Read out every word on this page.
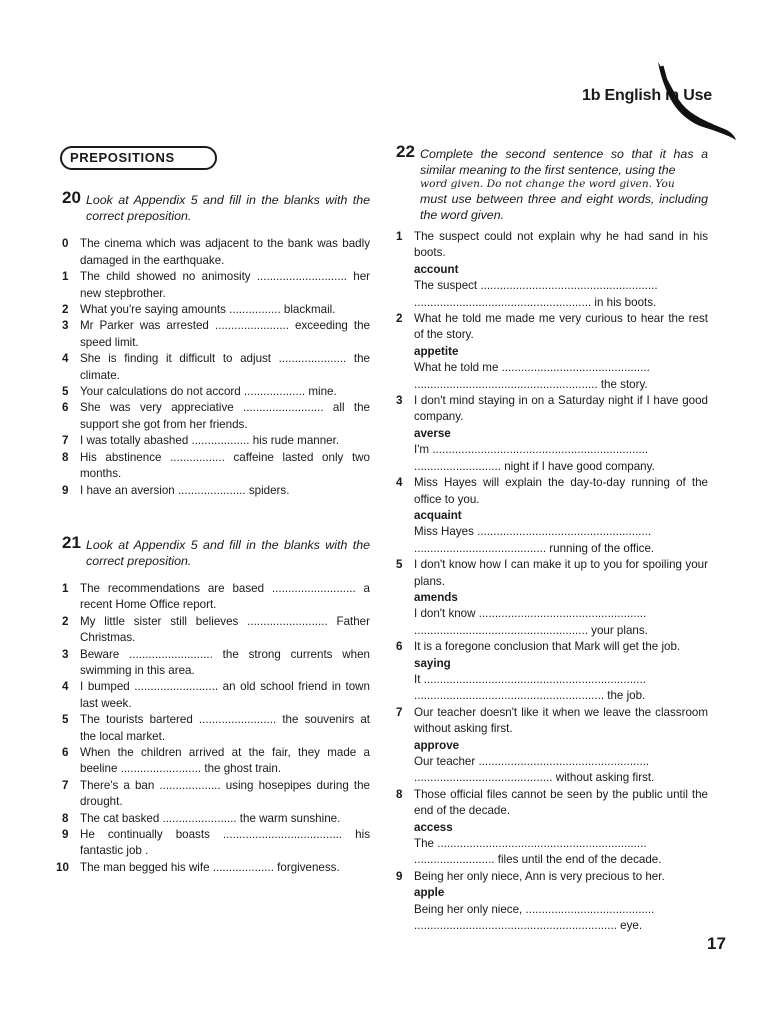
1b English in Use
PREPOSITIONS
20 Look at Appendix 5 and fill in the blanks with the correct preposition.
0 The cinema which was adjacent to the bank was badly damaged in the earthquake.
1 The child showed no animosity ............................ her new stepbrother.
2 What you're saying amounts ................ blackmail.
3 Mr Parker was arrested ....................... exceeding the speed limit.
4 She is finding it difficult to adjust ..................... the climate.
5 Your calculations do not accord ................... mine.
6 She was very appreciative ......................... all the support she got from her friends.
7 I was totally abashed .................. his rude manner.
8 His abstinence ................. caffeine lasted only two months.
9 I have an aversion ..................... spiders.
21 Look at Appendix 5 and fill in the blanks with the correct preposition.
1 The recommendations are based .......................... a recent Home Office report.
2 My little sister still believes ......................... Father Christmas.
3 Beware .......................... the strong currents when swimming in this area.
4 I bumped .......................... an old school friend in town last week.
5 The tourists bartered ........................ the souvenirs at the local market.
6 When the children arrived at the fair, they made a beeline ......................... the ghost train.
7 There's a ban ................... using hosepipes during the drought.
8 The cat basked ....................... the warm sunshine.
9 He continually boasts ..................................... his fantastic job .
10 The man begged his wife ................... forgiveness.
22 Complete the second sentence so that it has a similar meaning to the first sentence, using the
word given. Do not change the word given. You
must use between three and eight words, including the word given.
1 The suspect could not explain why he had sand in his boots.
account
The suspect .......................................................
....................................................... in his boots.
2 What he told me made me very curious to hear the rest of the story.
appetite
What he told me ..............................................
......................................................... the story.
3 I don't mind staying in on a Saturday night if I have good company.
averse
I'm ...................................................................
........................... night if I have good company.
4 Miss Hayes will explain the day-to-day running of the office to you.
acquaint
Miss Hayes ......................................................
......................................... running of the office.
5 I don't know how I can make it up to you for spoiling your plans.
amends
I don't know ....................................................
...................................................... your plans.
6 It is a foregone conclusion that Mark will get the job.
saying
It .....................................................................
........................................................... the job.
7 Our teacher doesn't like it when we leave the classroom without asking first.
approve
Our teacher .....................................................
........................................... without asking first.
8 Those official files cannot be seen by the public until the end of the decade.
access
The .................................................................
......................... files until the end of the decade.
9 Being her only niece, Ann is very precious to her.
apple
Being her only niece, ........................................
............................................................... eye.
17
